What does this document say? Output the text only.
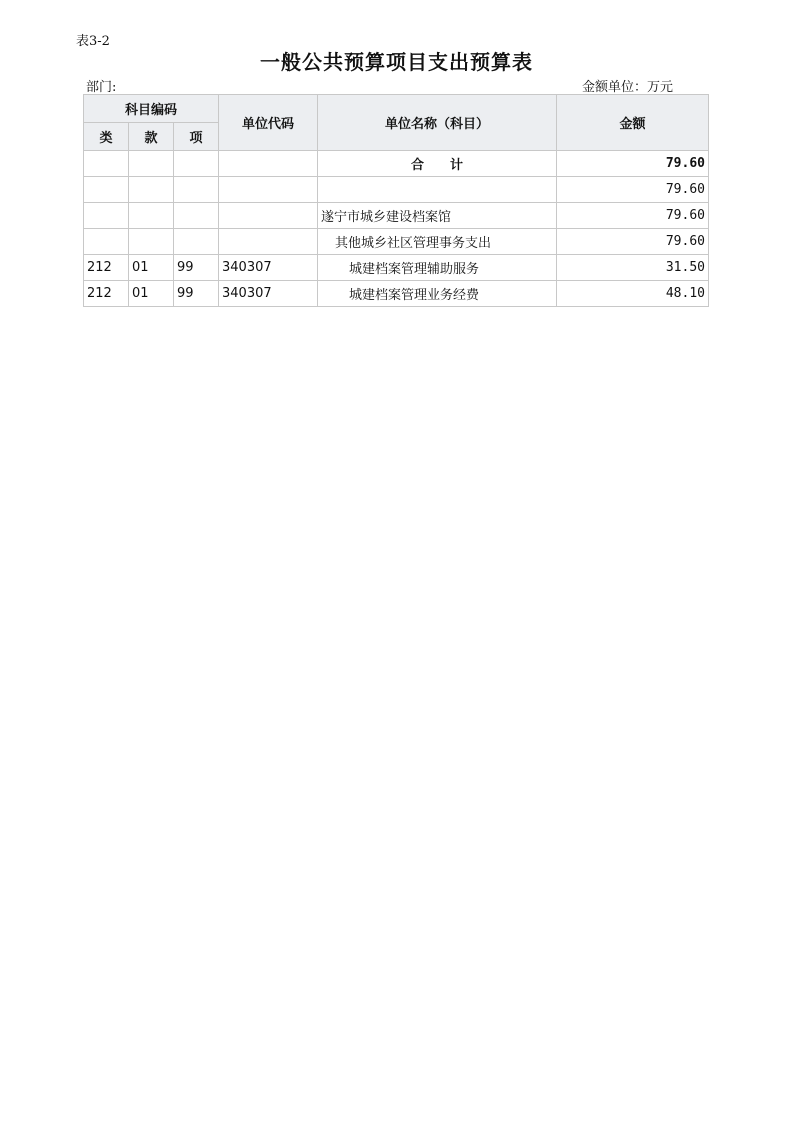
表3-2
一般公共预算项目支出预算表
部门:	金额单位：万元
科目编码			单位代码	单位名称（科目）	金额
类	款	项			
				合　　计	79.60
					79.60
				遂宁市城乡建设档案馆	79.60
				其他城乡社区管理事务支出	79.60
212	01	99	340307	城建档案管理辅助服务	31.50
212	01	99	340307	城建档案管理业务经费	48.10
